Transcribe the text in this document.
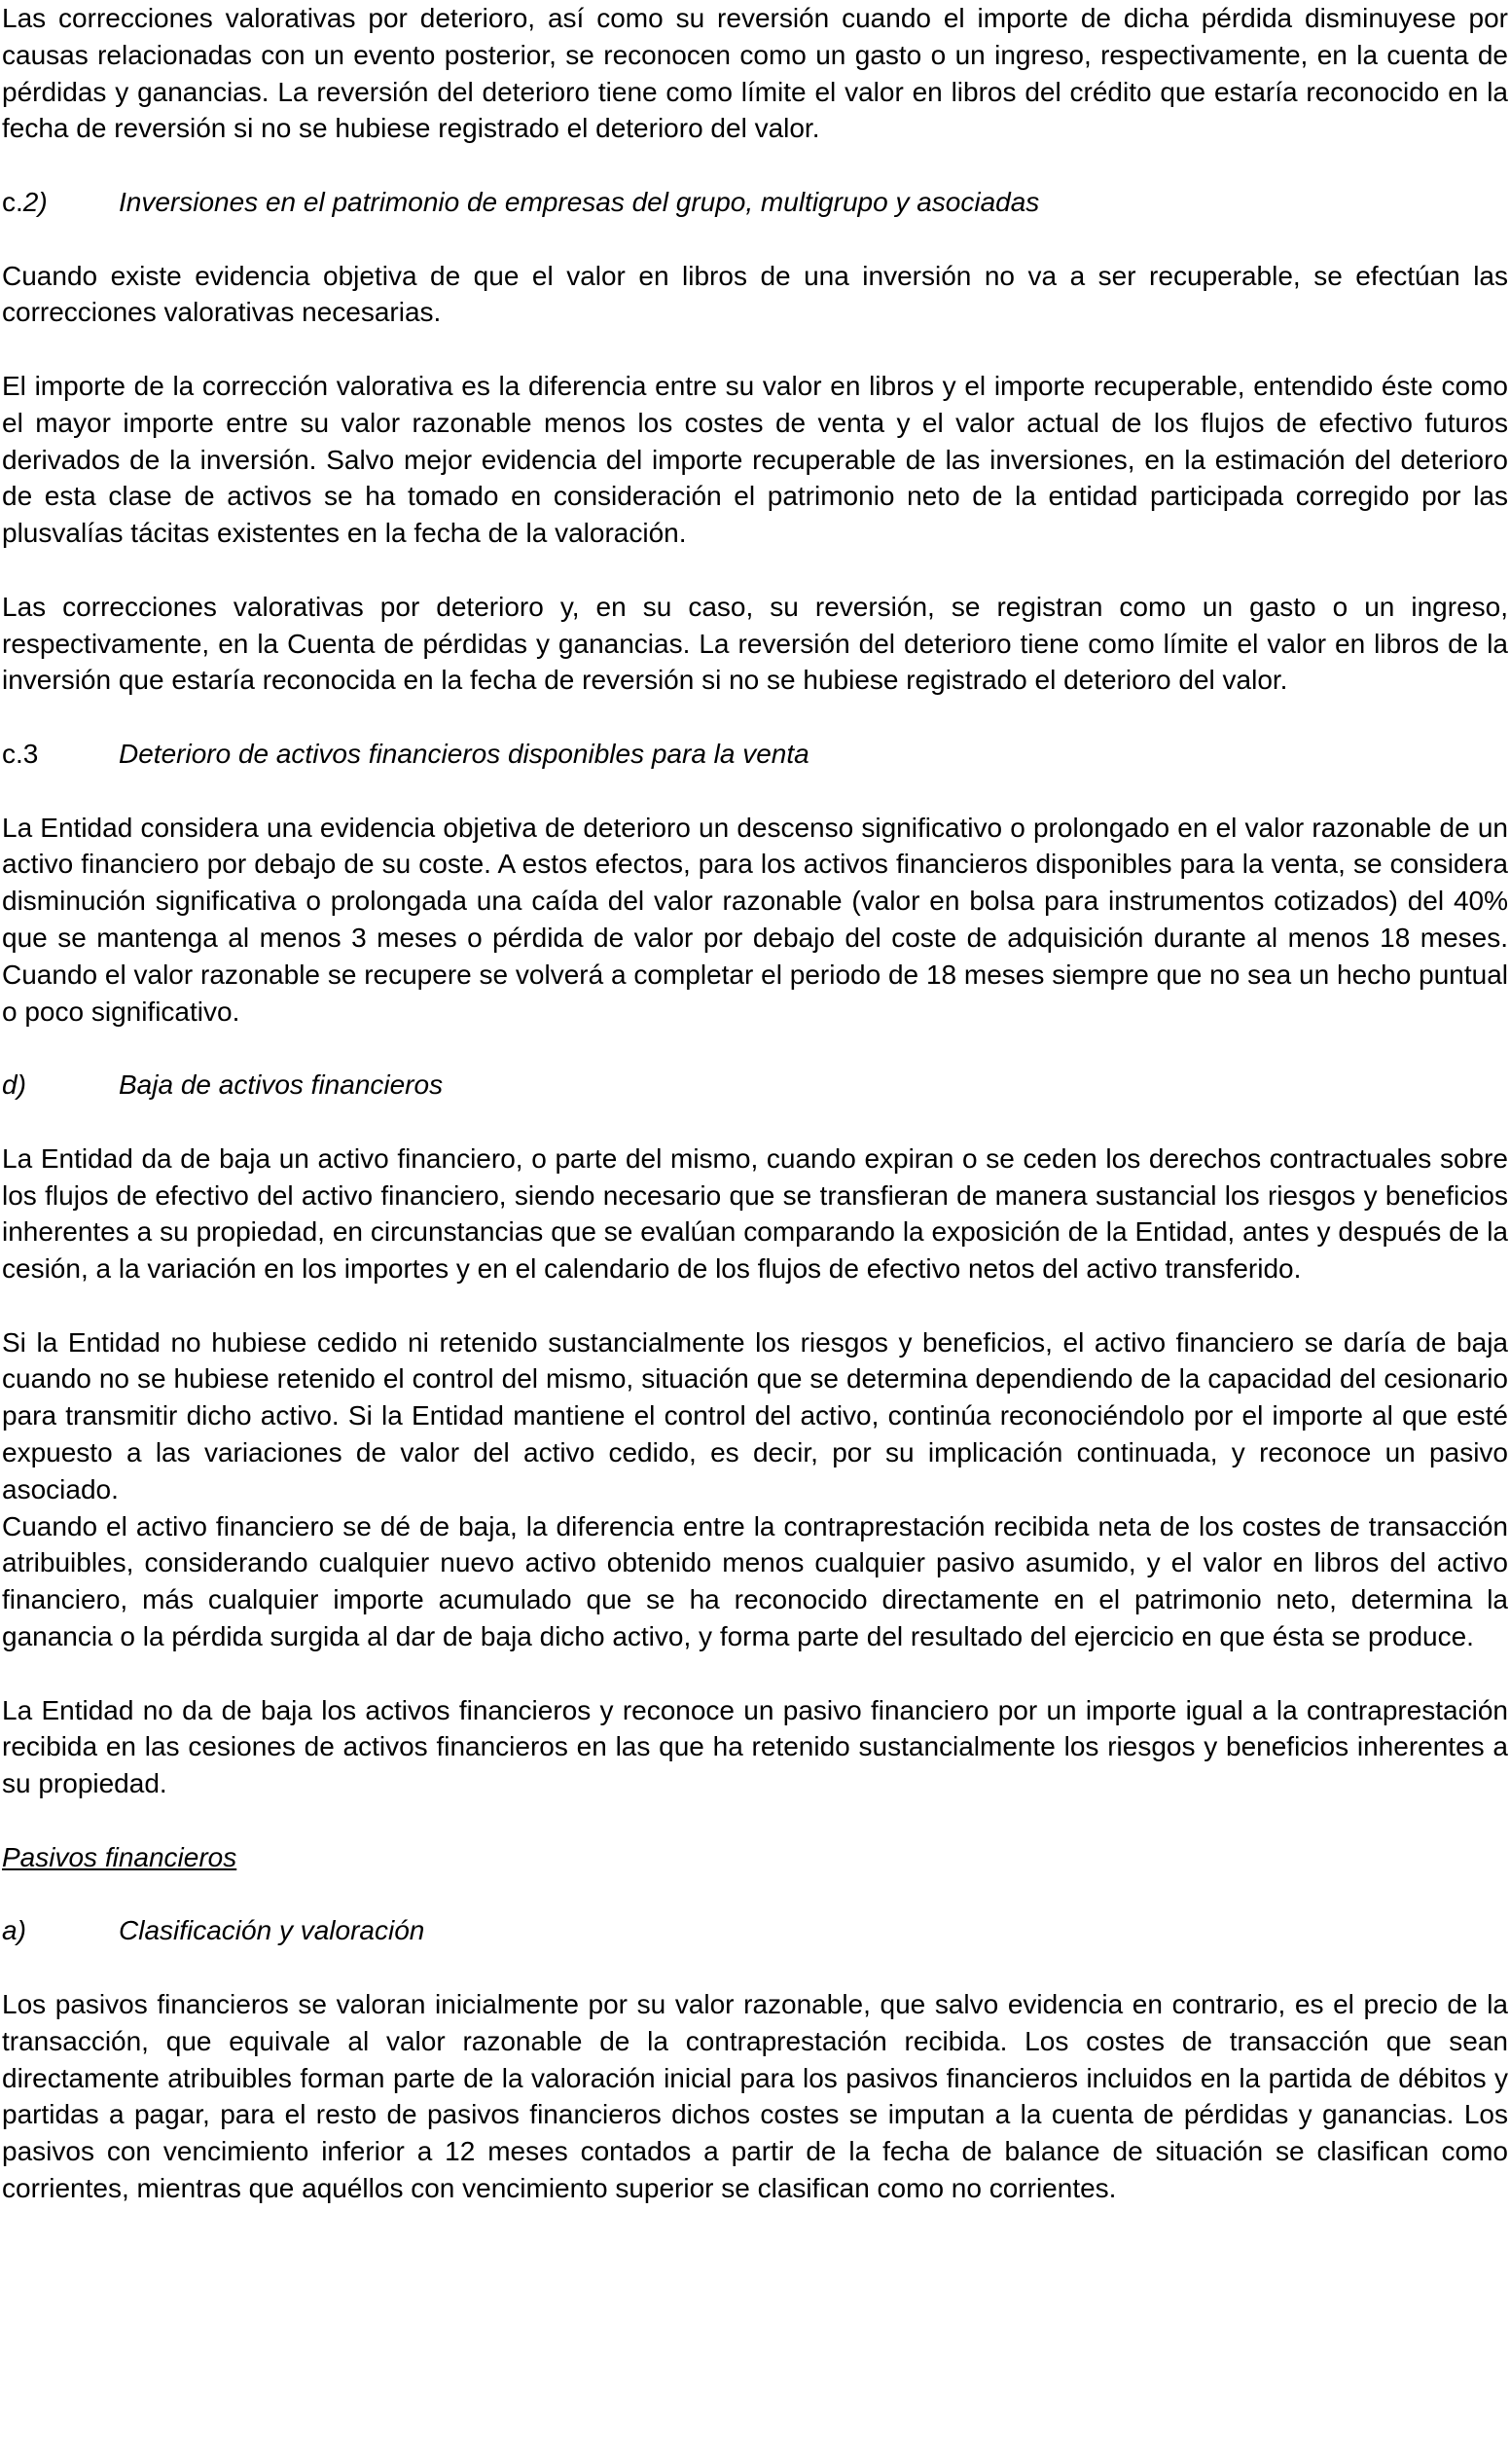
Las correcciones valorativas por deterioro, así como su reversión cuando el importe de dicha pérdida disminuyese por causas relacionadas con un evento posterior, se reconocen como un gasto o un ingreso, respectivamente, en la cuenta de pérdidas y ganancias. La reversión del deterioro tiene como límite el valor en libros del crédito que estaría reconocido en la fecha de reversión si no se hubiese registrado el deterioro del valor.

c.2)	Inversiones en el patrimonio de empresas del grupo, multigrupo y asociadas

Cuando existe evidencia objetiva de que el valor en libros de una inversión no va a ser recuperable, se efectúan las correcciones valorativas necesarias.

El importe de la corrección valorativa es la diferencia entre su valor en libros y el importe recuperable, entendido éste como el mayor importe entre su valor razonable menos los costes de venta y el valor actual de los flujos de efectivo futuros derivados de la inversión. Salvo mejor evidencia del importe recuperable de las inversiones, en la estimación del deterioro de esta clase de activos se ha tomado en consideración el patrimonio neto de la entidad participada corregido por las plusvalías tácitas existentes en la fecha de la valoración.

Las correcciones valorativas por deterioro y, en su caso, su reversión, se registran como un gasto o un ingreso, respectivamente, en la Cuenta de pérdidas y ganancias. La reversión del deterioro tiene como límite el valor en libros de la inversión que estaría reconocida en la fecha de reversión si no se hubiese registrado el deterioro del valor.

c.3	Deterioro de activos financieros disponibles para la venta

La Entidad considera una evidencia objetiva de deterioro un descenso significativo o prolongado en el valor razonable de un activo financiero por debajo de su coste. A estos efectos, para los activos financieros disponibles para la venta, se considera disminución significativa o prolongada una caída del valor razonable (valor en bolsa para instrumentos cotizados) del 40% que se mantenga al menos 3 meses o pérdida de valor por debajo del coste de adquisición durante al menos 18 meses. Cuando el valor razonable se recupere se volverá a completar el periodo de 18 meses siempre que no sea un hecho puntual o poco significativo.

d)	Baja de activos financieros

La Entidad da de baja un activo financiero, o parte del mismo, cuando expiran o se ceden los derechos contractuales sobre los flujos de efectivo del activo financiero, siendo necesario que se transfieran de manera sustancial los riesgos y beneficios inherentes a su propiedad, en circunstancias que se evalúan comparando la exposición de la Entidad, antes y después de la cesión, a la variación en los importes y en el calendario de los flujos de efectivo netos del activo transferido.

Si la Entidad no hubiese cedido ni retenido sustancialmente los riesgos y beneficios, el activo financiero se daría de baja cuando no se hubiese retenido el control del mismo, situación que se determina dependiendo de la capacidad del cesionario para transmitir dicho activo. Si la Entidad mantiene el control del activo, continúa reconociéndolo por el importe al que esté expuesto a las variaciones de valor del activo cedido, es decir, por su implicación continuada, y reconoce un pasivo asociado.

Cuando el activo financiero se dé de baja, la diferencia entre la contraprestación recibida neta de los costes de transacción atribuibles, considerando cualquier nuevo activo obtenido menos cualquier pasivo asumido, y el valor en libros del activo financiero, más cualquier importe acumulado que se ha reconocido directamente en el patrimonio neto, determina la ganancia o la pérdida surgida al dar de baja dicho activo, y forma parte del resultado del ejercicio en que ésta se produce.

La Entidad no da de baja los activos financieros y reconoce un pasivo financiero por un importe igual a la contraprestación recibida en las cesiones de activos financieros en las que ha retenido sustancialmente los riesgos y beneficios inherentes a su propiedad.

Pasivos financieros
a)	Clasificación y valoración

Los pasivos financieros se valoran inicialmente por su valor razonable, que salvo evidencia en contrario, es el precio de la transacción, que equivale al valor razonable de la contraprestación recibida. Los costes de transacción que sean directamente atribuibles forman parte de la valoración inicial para los pasivos financieros incluidos en la partida de débitos y partidas a pagar, para el resto de pasivos financieros dichos costes se imputan a la cuenta de pérdidas y ganancias. Los pasivos con vencimiento inferior a 12 meses contados a partir de la fecha de balance de situación se clasifican como corrientes, mientras que aquéllos con vencimiento superior se clasifican como no corrientes.
